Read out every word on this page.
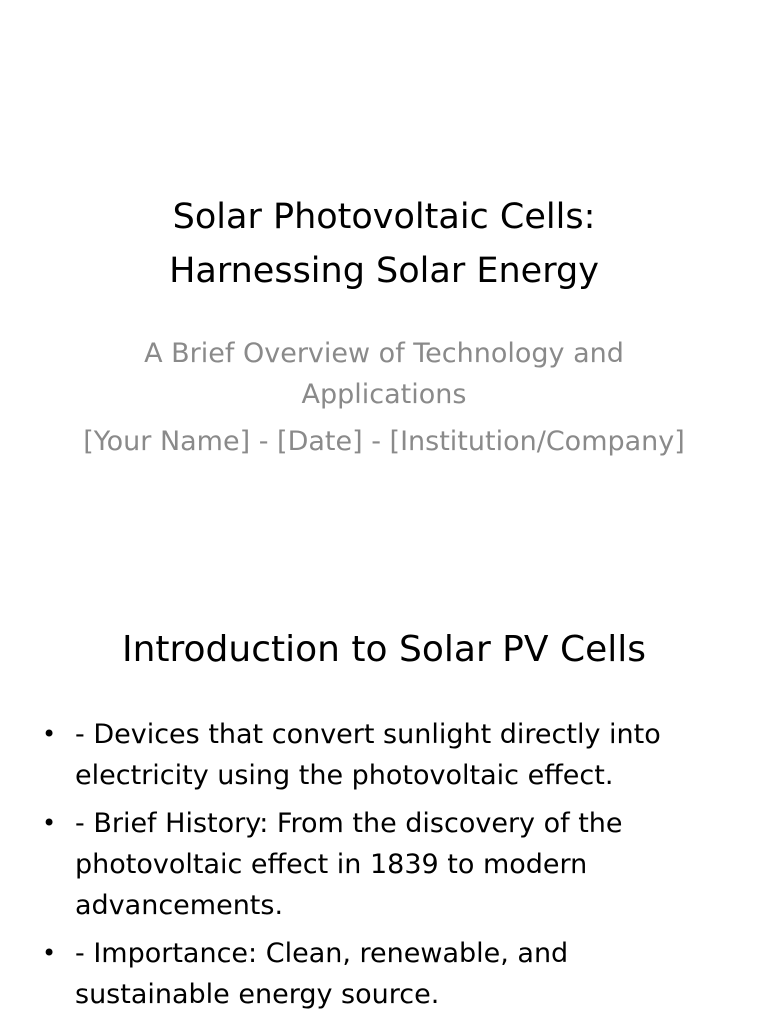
Solar Photovoltaic Cells:
Harnessing Solar Energy
A Brief Overview of Technology and Applications
[Your Name] - [Date] - [Institution/Company]
Introduction to Solar PV Cells
• - Devices that convert sunlight directly into electricity using the photovoltaic effect.
• - Brief History: From the discovery of the photovoltaic effect in 1839 to modern advancements.
• - Importance: Clean, renewable, and sustainable energy source.
